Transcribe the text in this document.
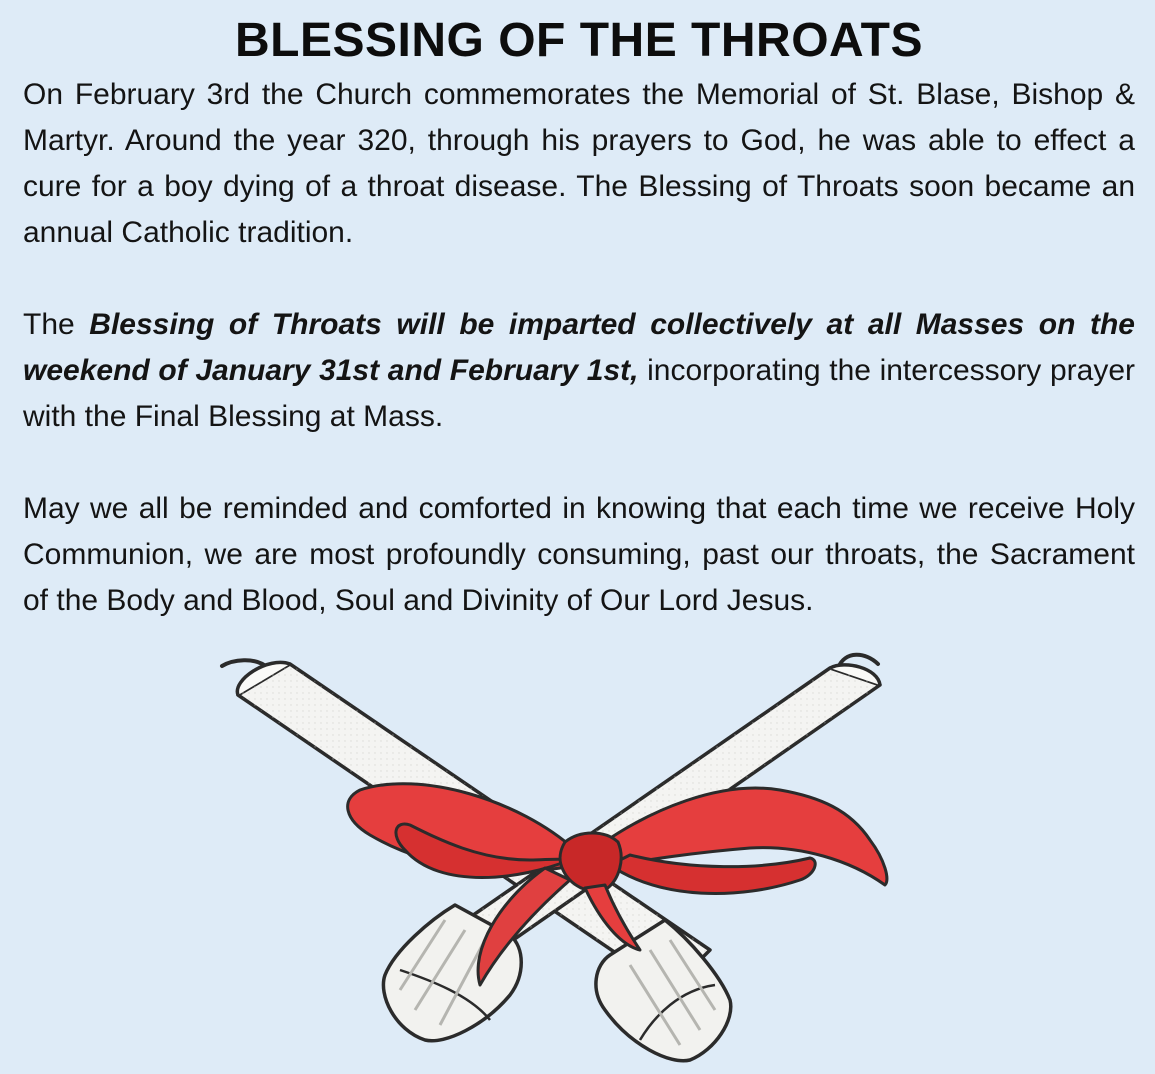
BLESSING OF THE THROATS

On February 3rd the Church commemorates the Memorial of St. Blase, Bishop & Martyr. Around the year 320, through his prayers to God, he was able to effect a cure for a boy dying of a throat disease. The Blessing of Throats soon became an annual Catholic tradition.

The Blessing of Throats will be imparted collectively at all Masses on the weekend of January 31st and February 1st, incorporating the intercessory prayer with the Final Blessing at Mass.

May we all be reminded and comforted in knowing that each time we receive Holy Communion, we are most profoundly consuming, past our throats, the Sacrament of the Body and Blood, Soul and Divinity of Our Lord Jesus.
